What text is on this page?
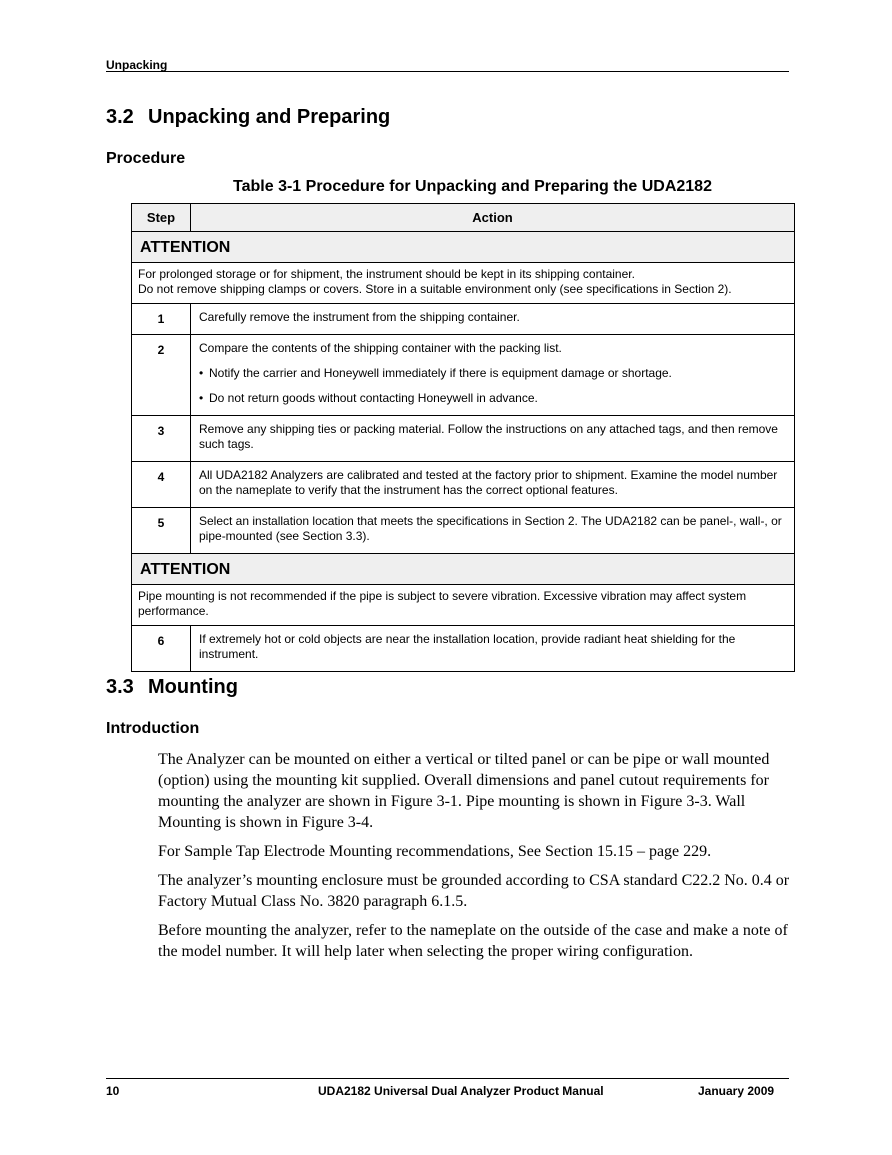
Unpacking
3.2 Unpacking and Preparing
Procedure
Table 3-1 Procedure for Unpacking and Preparing the UDA2182
Step	Action
ATTENTION	

For prolonged storage or for shipment, the instrument should be kept in its shipping container.
Do not remove shipping clamps or covers. Store in a suitable environment only (see specifications in Section 2).	

1	Carefully remove the instrument from the shipping container.
2	Compare the contents of the shipping container with the packing list.
• Notify the carrier and Honeywell immediately if there is equipment damage or shortage.
• Do not return goods without contacting Honeywell in advance.

3	Remove any shipping ties or packing material. Follow the instructions on any attached tags, and then remove such tags.
4	All UDA2182 Analyzers are calibrated and tested at the factory prior to shipment. Examine the model number on the nameplate to verify that the instrument has the correct optional features.
5	Select an installation location that meets the specifications in Section 2. The UDA2182 can be panel-, wall-, or pipe-mounted (see Section 3.3).
ATTENTION	
Pipe mounting is not recommended if the pipe is subject to severe vibration. Excessive vibration may affect system performance.	
6	If extremely hot or cold objects are near the installation location, provide radiant heat shielding for the instrument.
3.3 Mounting
Introduction

The Analyzer can be mounted on either a vertical or tilted panel or can be pipe or wall mounted (option) using the mounting kit supplied. Overall dimensions and panel cutout requirements for mounting the analyzer are shown in Figure 3-1. Pipe mounting is shown in Figure 3-3. Wall Mounting is shown in Figure 3-4.

For Sample Tap Electrode Mounting recommendations, See Section 15.15 – page 229.

The analyzer’s mounting enclosure must be grounded according to CSA standard C22.2 No. 0.4 or Factory Mutual Class No. 3820 paragraph 6.1.5.

Before mounting the analyzer, refer to the nameplate on the outside of the case and make a note of the model number. It will help later when selecting the proper wiring configuration.

10	UDA2182 Universal Dual Analyzer Product Manual	January 2009
